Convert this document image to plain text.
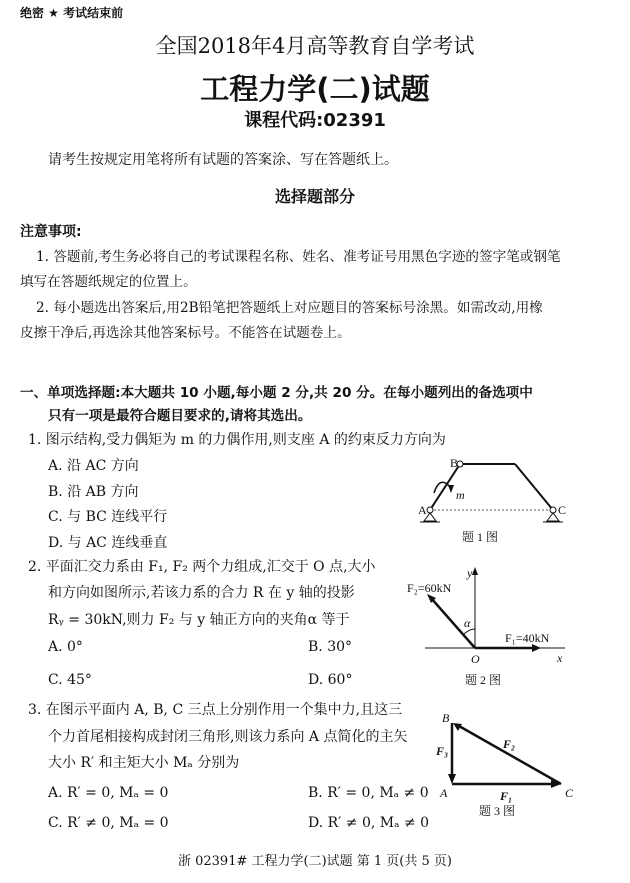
绝密 ★ 考试结束前
全国2018年4月高等教育自学考试
工程力学(二)试题
课程代码:02391
请考生按规定用笔将所有试题的答案涂、写在答题纸上。
选择题部分
注意事项:
1. 答题前,考生务必将自己的考试课程名称、姓名、准考证号用黑色字迹的签字笔或钢笔
填写在答题纸规定的位置上。
2. 每小题选出答案后,用2B铅笔把答题纸上对应题目的答案标号涂黑。如需改动,用橡
皮擦干净后,再选涂其他答案标号。不能答在试题卷上。
一、单项选择题:本大题共 10 小题,每小题 2 分,共 20 分。在每小题列出的备选项中
只有一项是最符合题目要求的,请将其选出。
1. 图示结构,受力偶矩为 m 的力偶作用,则支座 A 的约束反力方向为
A. 沿 AC 方向
B. 沿 AB 方向
C. 与 BC 连线平行
D. 与 AC 连线垂直
B
A	C
m
题 1 图
2. 平面汇交力系由 F₁, F₂ 两个力组成,汇交于 O 点,大小
和方向如图所示,若该力系的合力 R 在 y 轴的投影
Rᵧ = 30kN,则力 F₂ 与 y 轴正方向的夹角α 等于
A. 0°	B. 30°
C. 45°	D. 60°
y
x
O
α
F₂=60kN
F₁=40kN
题 2 图
3. 在图示平面内 A, B, C 三点上分别作用一个集中力,且这三
个力首尾相接构成封闭三角形,则该力系向 A 点简化的主矢
大小 R′ 和主矩大小 Mₐ 分别为
A. R′ = 0, Mₐ = 0	B. R′ = 0, Mₐ ≠ 0
C. R′ ≠ 0, Mₐ = 0	D. R′ ≠ 0, Mₐ ≠ 0
B
A	C
F₁
F₂
F₃
题 3 图
浙 02391# 工程力学(二)试题 第 1 页(共 5 页)
